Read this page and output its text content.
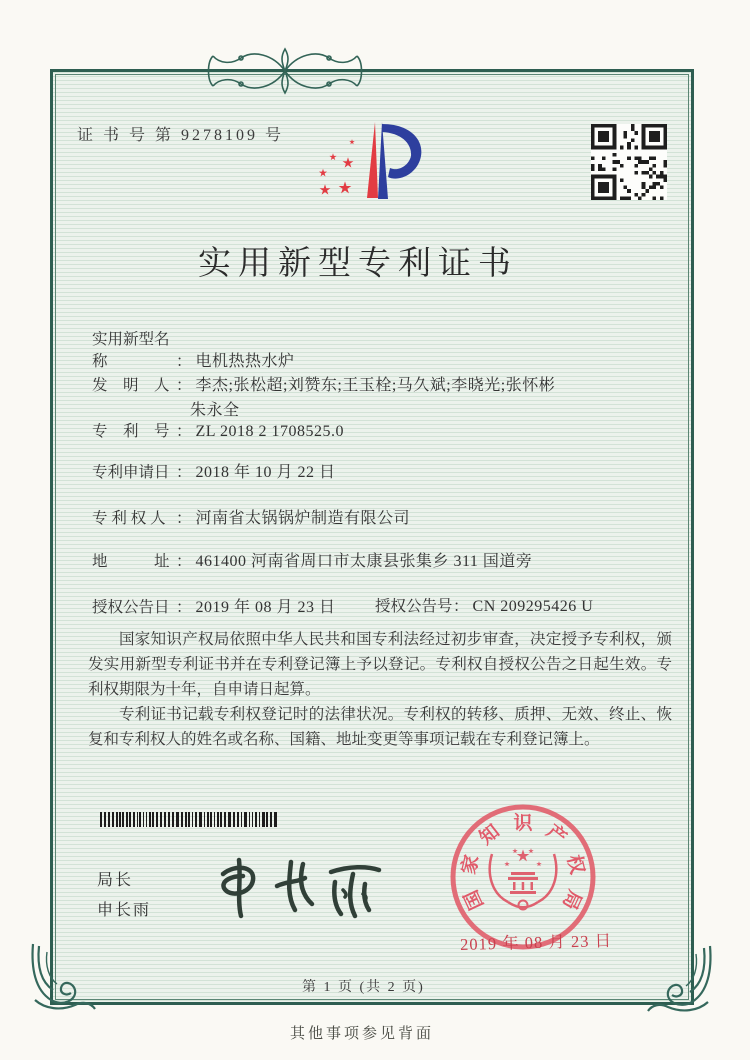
证 书 号 第 9278109 号
实用新型专利证书
实用新型名称	： 电机热热水炉
发　明　人 ： 李杰;张松超;刘赞东;王玉栓;马久斌;李晓光;张怀彬
朱永全
专　利　号 ： ZL 2018 2 1708525.0
专利申请日 ： 2018 年 10 月 22 日
专 利 权 人 ： 河南省太锅锅炉制造有限公司
地　　　址 ： 461400 河南省周口市太康县张集乡 311 国道旁
授权公告日 ： 2019 年 08 月 23 日	授权公告号： CN 209295426 U

国家知识产权局依照中华人民共和国专利法经过初步审查，决定授予专利权，颁发实用新型专利证书并在专利登记簿上予以登记。专利权自授权公告之日起生效。专利权期限为十年，自申请日起算。

专利证书记载专利权登记时的法律状况。专利权的转移、质押、无效、终止、恢复和专利权人的姓名或名称、国籍、地址变更等事项记载在专利登记簿上。

局长
申长雨	国
家
知 识 产
权
局
2019 年 08 月 23 日
第 1 页 (共 2 页)
其他事项参见背面
